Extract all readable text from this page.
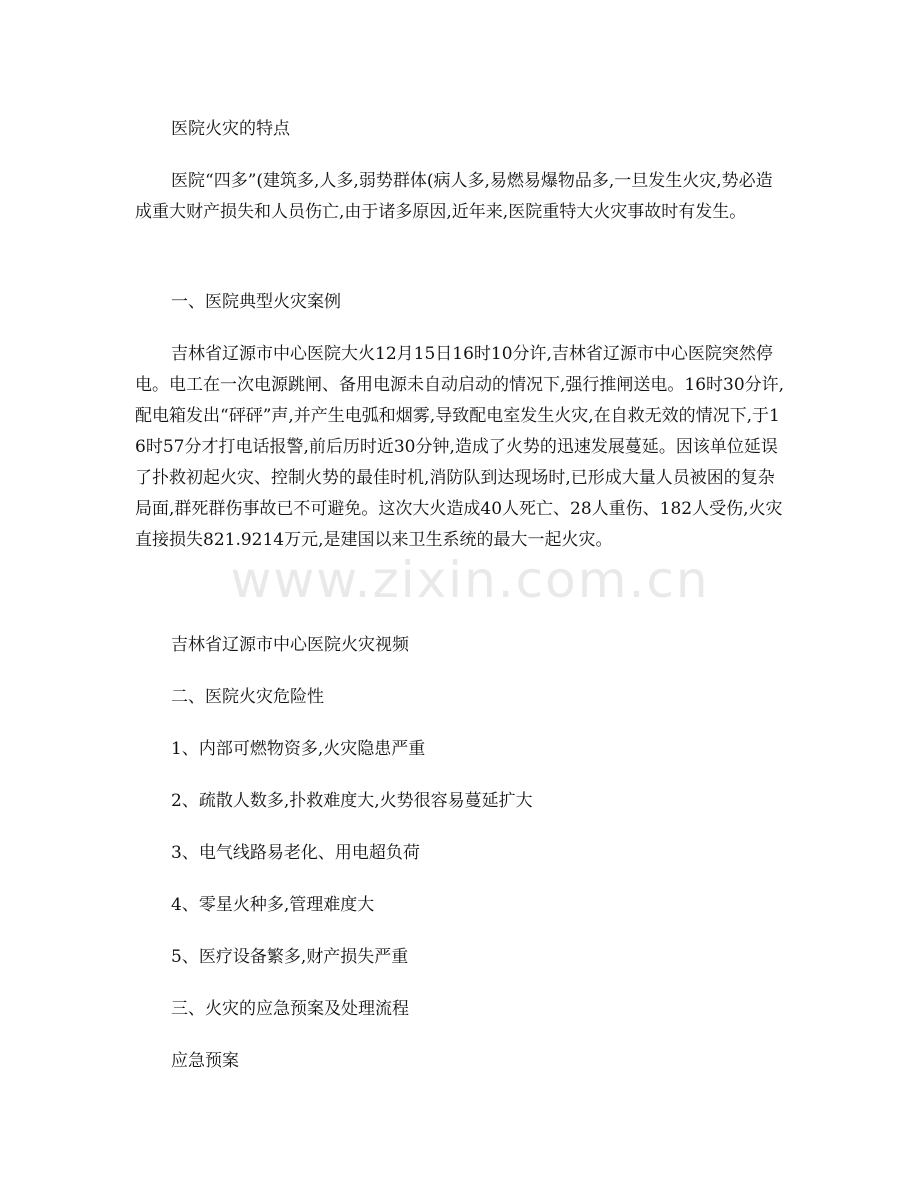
医院火灾的特点

医院“四多”(建筑多,人多,弱势群体(病人多,易燃易爆物品多,一旦发生火灾,势必造成重大财产损失和人员伤亡,由于诸多原因,近年来,医院重特大火灾事故时有发生。

一、医院典型火灾案例

吉林省辽源市中心医院大火12月15日16时10分许,吉林省辽源市中心医院突然停电。电工在一次电源跳闸、备用电源未自动启动的情况下,强行推闸送电。16时30分许,配电箱发出“砰砰”声,并产生电弧和烟雾,导致配电室发生火灾,在自救无效的情况下,于16时57分才打电话报警,前后历时近30分钟,造成了火势的迅速发展蔓延。因该单位延误了扑救初起火灾、控制火势的最佳时机,消防队到达现场时,已形成大量人员被困的复杂局面,群死群伤事故已不可避免。这次大火造成40人死亡、28人重伤、182人受伤,火灾直接损失821.9214万元,是建国以来卫生系统的最大一起火灾。

吉林省辽源市中心医院火灾视频

二、医院火灾危险性

1、内部可燃物资多,火灾隐患严重

2、疏散人数多,扑救难度大,火势很容易蔓延扩大

3、电气线路易老化、用电超负荷

4、零星火种多,管理难度大

5、医疗设备繁多,财产损失严重

三、火灾的应急预案及处理流程

应急预案

www.zixin.com.cn
